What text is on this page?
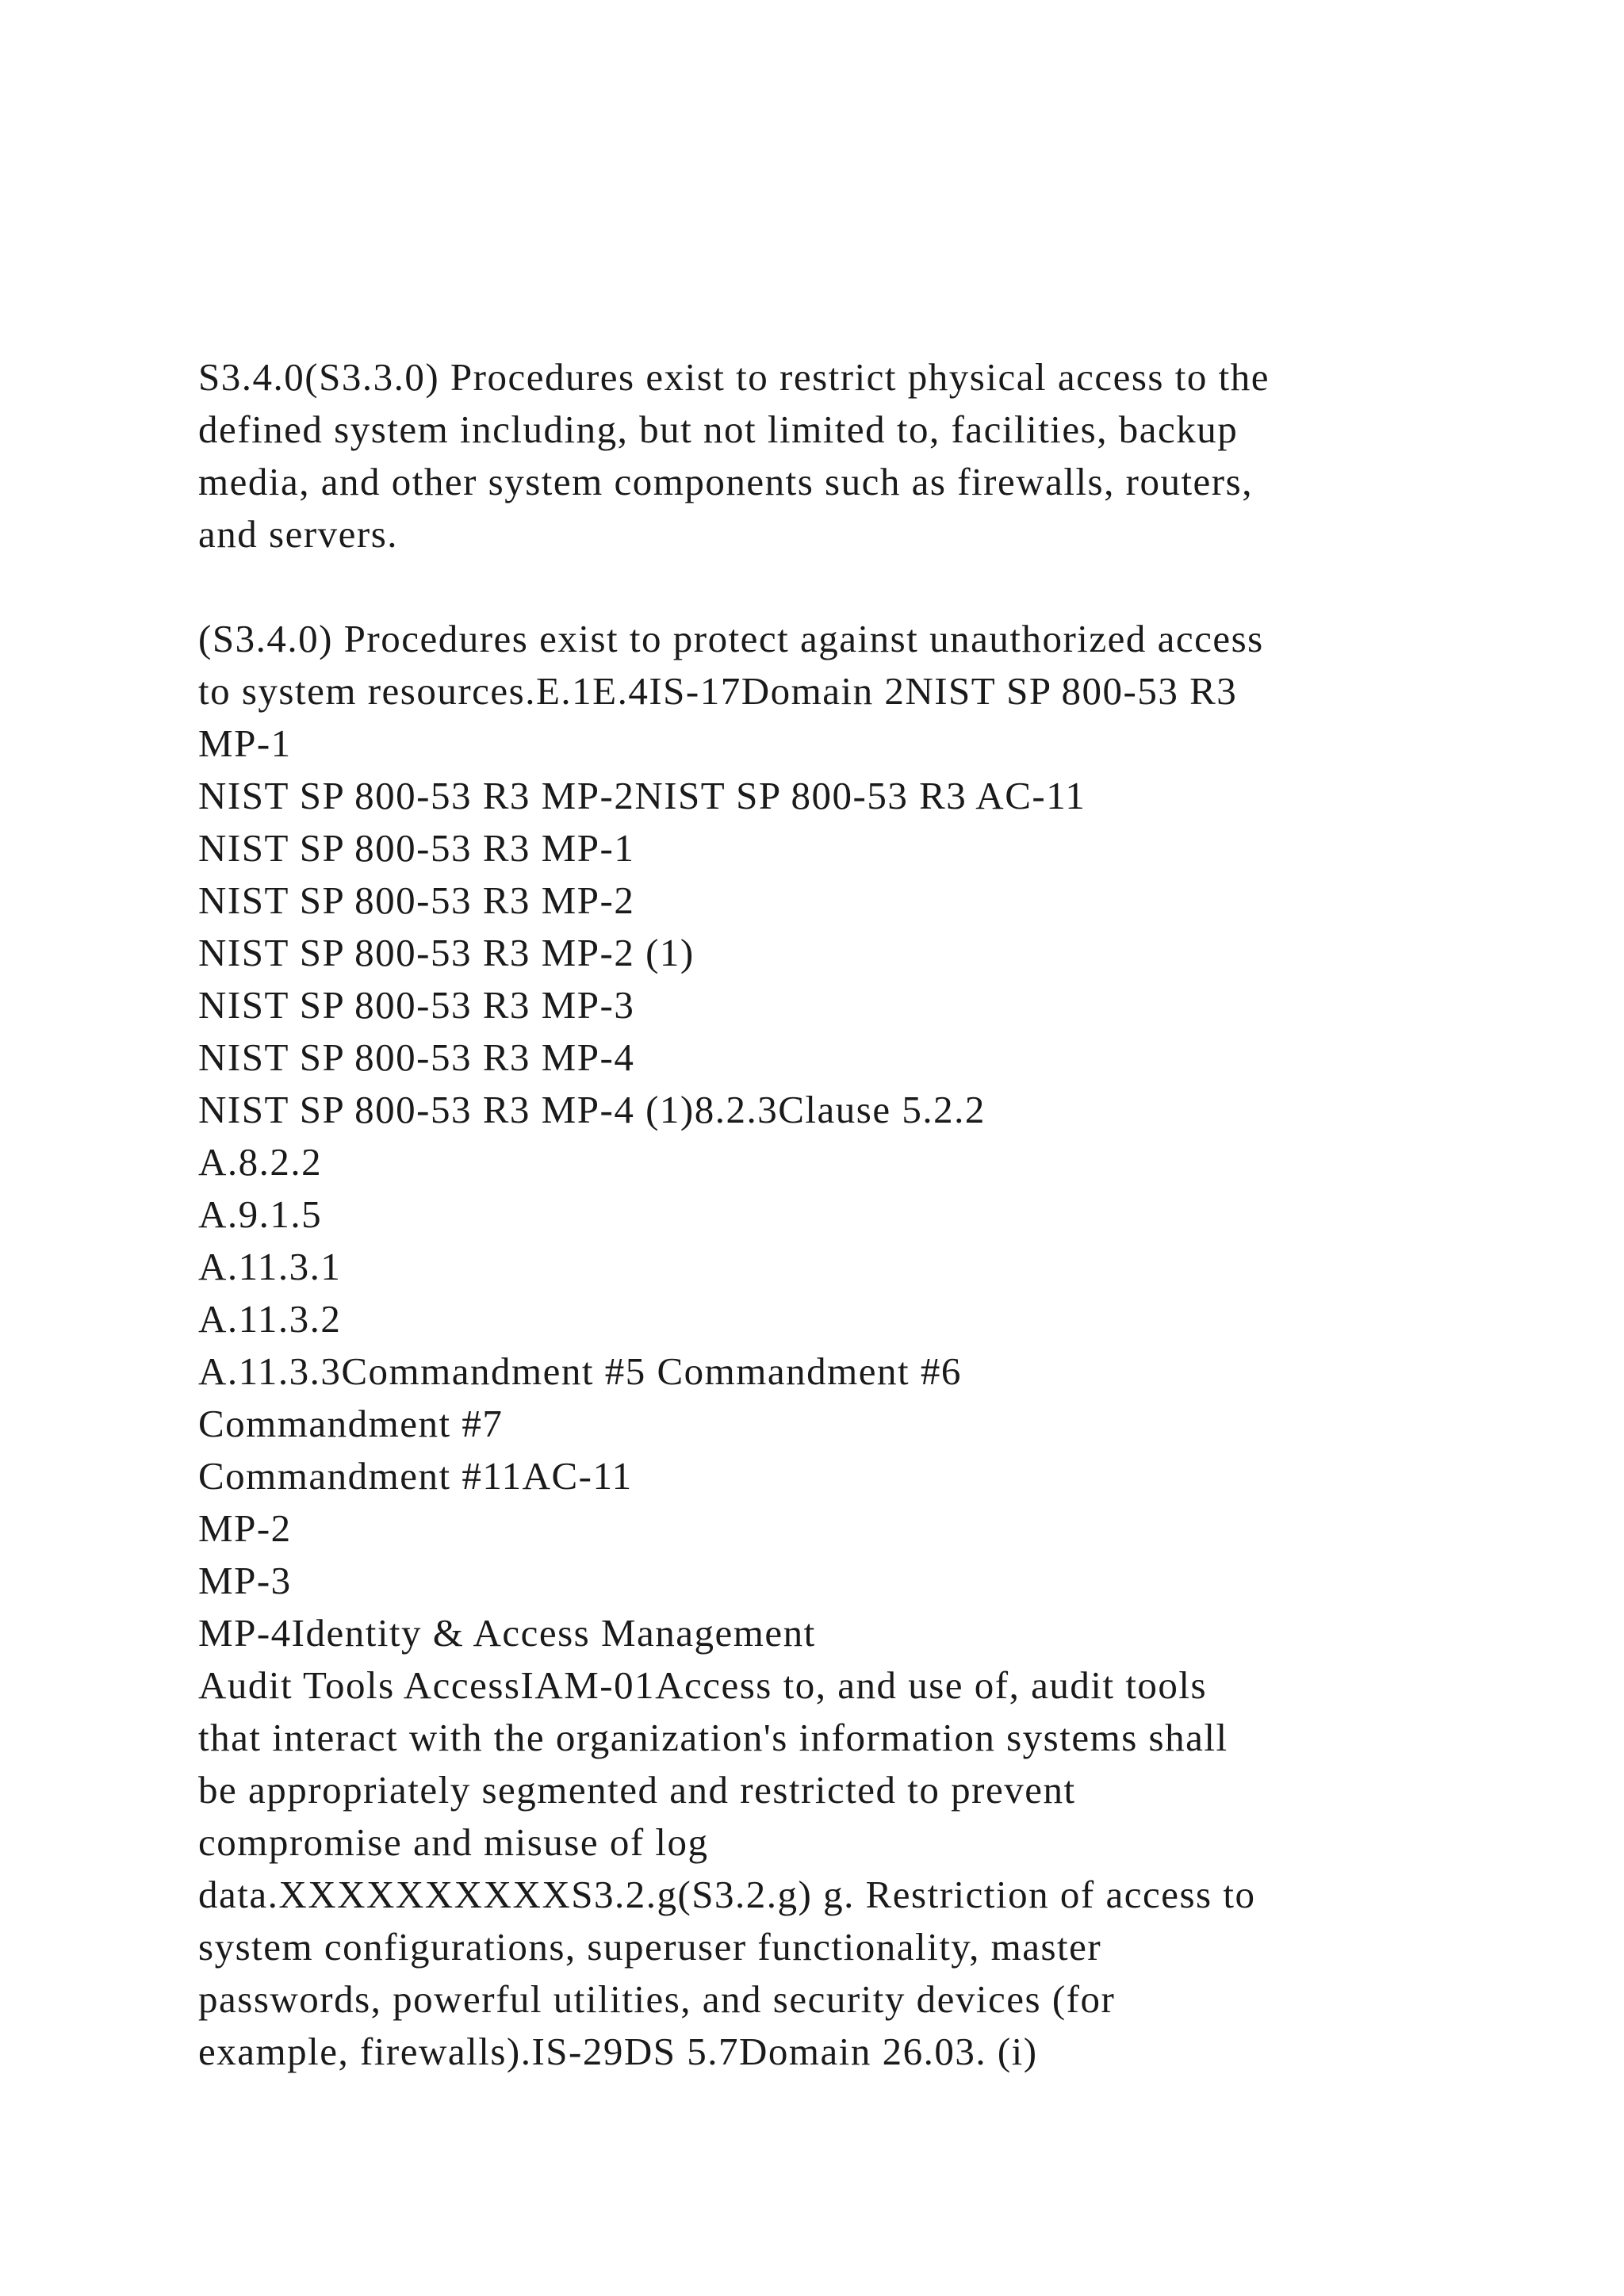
S3.4.0(S3.3.0) Procedures exist to restrict physical access to the
defined system including, but not limited to, facilities, backup
media, and other system components such as firewalls, routers,
and servers.
(S3.4.0) Procedures exist to protect against unauthorized access
to system resources.E.1E.4IS-17Domain 2NIST SP 800-53 R3
MP-1
NIST SP 800-53 R3 MP-2NIST SP 800-53 R3 AC-11
NIST SP 800-53 R3 MP-1
NIST SP 800-53 R3 MP-2
NIST SP 800-53 R3 MP-2 (1)
NIST SP 800-53 R3 MP-3
NIST SP 800-53 R3 MP-4
NIST SP 800-53 R3 MP-4 (1)8.2.3Clause 5.2.2
A.8.2.2
A.9.1.5
A.11.3.1
A.11.3.2
A.11.3.3Commandment #5 Commandment #6
Commandment #7
Commandment #11AC-11
MP-2
MP-3
MP-4Identity & Access Management
Audit Tools AccessIAM-01Access to, and use of, audit tools
that interact with the organization's information systems shall
be appropriately segmented and restricted to prevent
compromise and misuse of log
data.XXXXXXXXXXS3.2.g(S3.2.g) g. Restriction of access to
system configurations, superuser functionality, master
passwords, powerful utilities, and security devices (for
example, firewalls).IS-29DS 5.7Domain 26.03. (i)
